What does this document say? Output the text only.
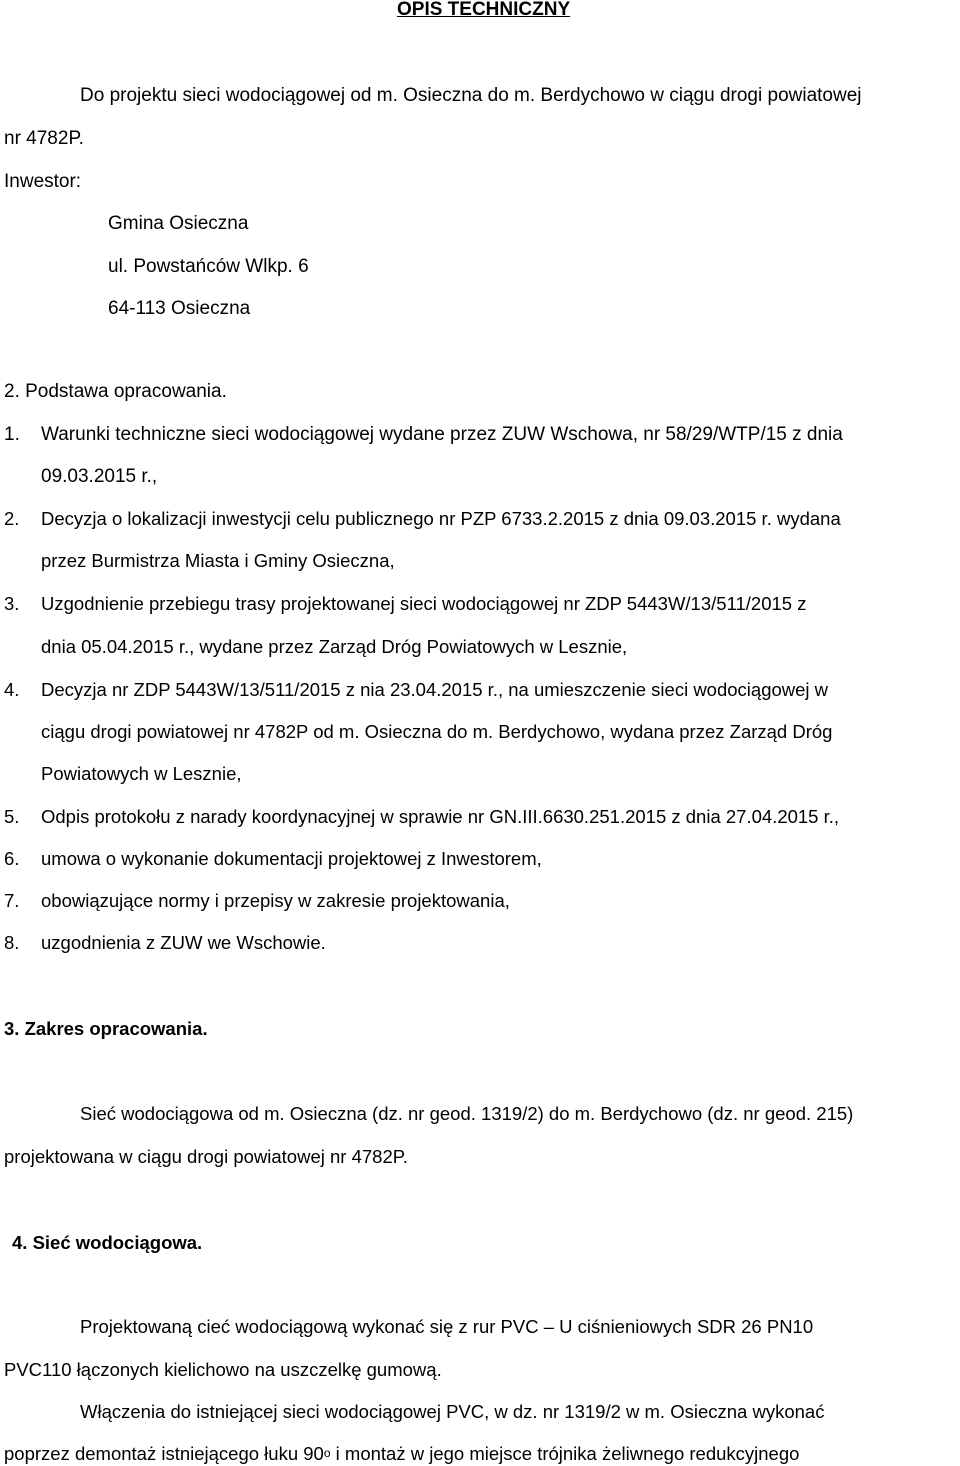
OPIS TECHNICZNY
Do projektu sieci wodociągowej od m. Osieczna do m. Berdychowo w ciągu drogi powiatowej
nr 4782P.
Inwestor:
Gmina Osieczna
ul. Powstańców Wlkp. 6
64-113 Osieczna
2. Podstawa opracowania.
1. Warunki techniczne sieci wodociągowej wydane przez ZUW Wschowa, nr 58/29/WTP/15 z dnia
09.03.2015 r.,
2. Decyzja o lokalizacji inwestycji celu publicznego nr PZP 6733.2.2015 z dnia 09.03.2015 r. wydana
przez Burmistrza Miasta i Gminy Osieczna,
3. Uzgodnienie przebiegu trasy projektowanej sieci wodociągowej nr ZDP 5443W/13/511/2015 z
dnia 05.04.2015 r., wydane przez Zarząd Dróg Powiatowych w Lesznie,
4. Decyzja nr ZDP 5443W/13/511/2015 z nia 23.04.2015 r., na umieszczenie sieci wodociągowej w
ciągu drogi powiatowej nr 4782P od m. Osieczna do m. Berdychowo, wydana przez Zarząd Dróg
Powiatowych w Lesznie,
5. Odpis protokołu z narady koordynacyjnej w sprawie nr GN.III.6630.251.2015 z dnia 27.04.2015 r.,
6. umowa o wykonanie dokumentacji projektowej z Inwestorem,
7. obowiązujące normy i przepisy w zakresie projektowania,
8. uzgodnienia z ZUW we Wschowie.
3. Zakres opracowania.
Sieć wodociągowa od m. Osieczna (dz. nr geod. 1319/2) do m. Berdychowo (dz. nr geod. 215)
projektowana w ciągu drogi powiatowej nr 4782P.
4. Sieć wodociągowa.
Projektowaną cieć wodociągową wykonać się z rur PVC – U ciśnieniowych SDR 26 PN10
PVC110 łączonych kielichowo na uszczelkę gumową.
Włączenia do istniejącej sieci wodociągowej PVC, w dz. nr 1319/2 w m. Osieczna wykonać
poprzez demontaż istniejącego łuku 90$^o$ i montaż w jego miejsce trójnika żeliwnego redukcyjnego
